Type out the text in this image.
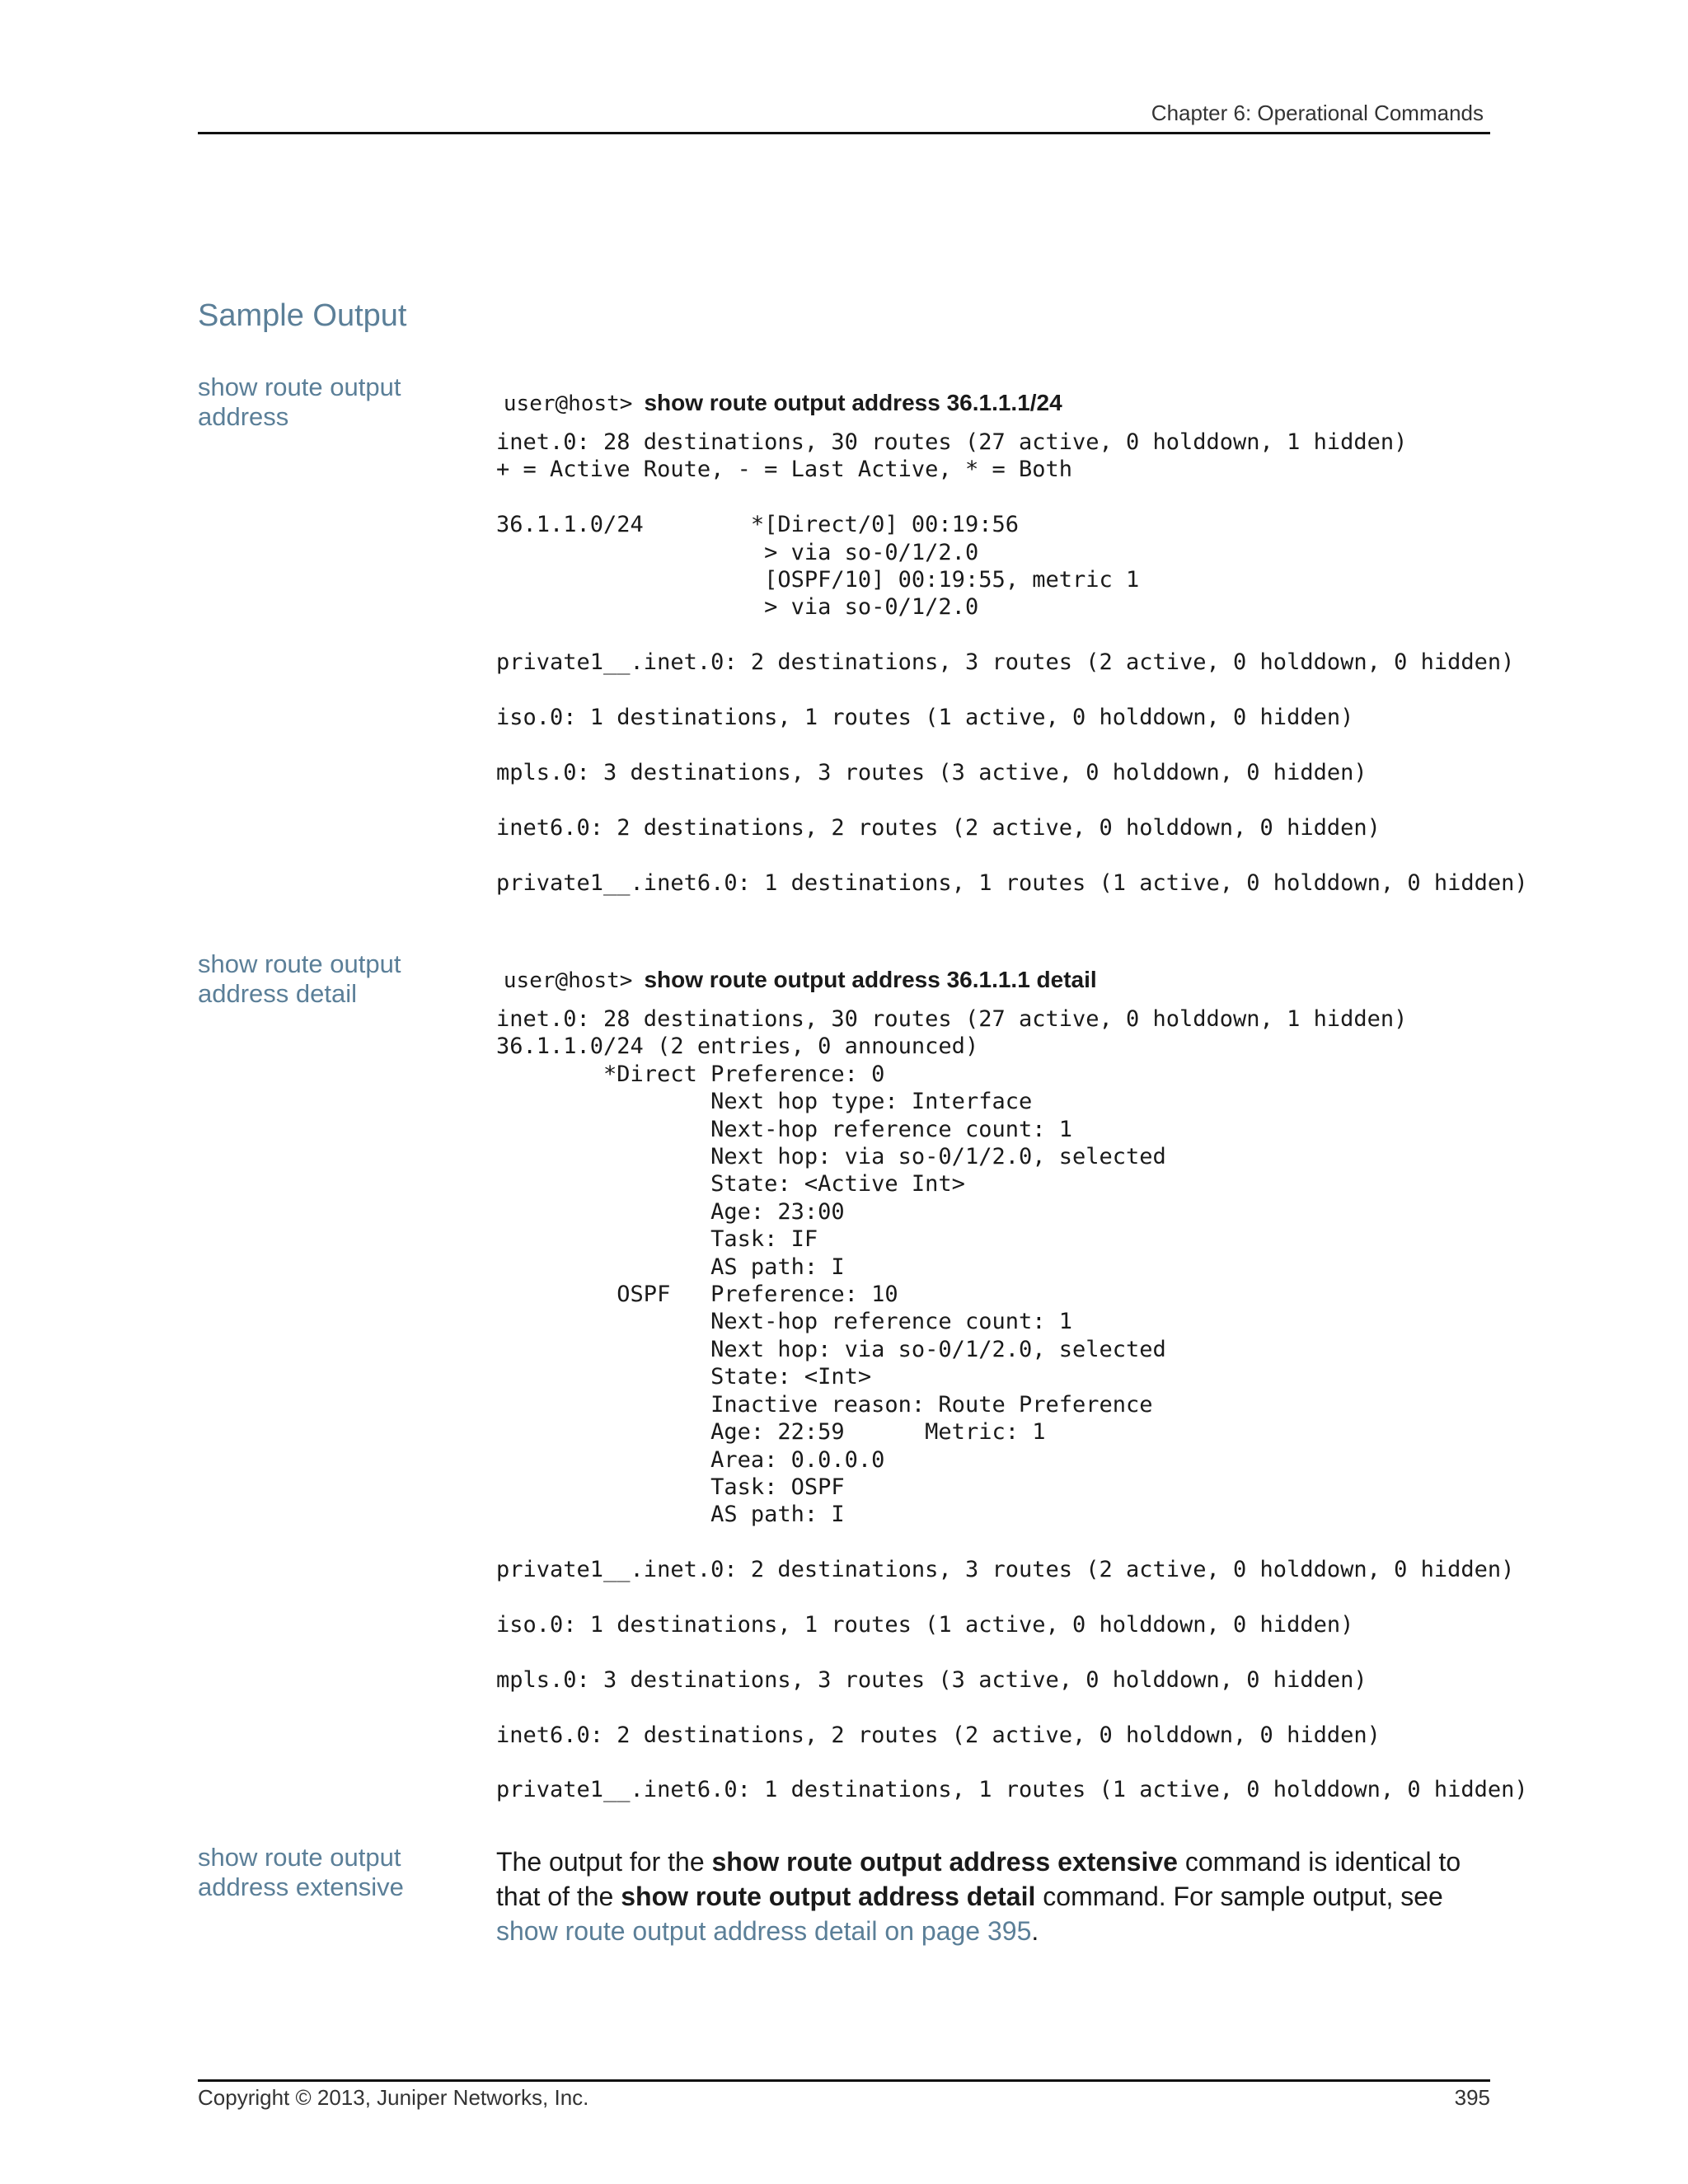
Chapter 6: Operational Commands
Sample Output
show route output address	user@host> show route output address 36.1.1.1/24

inet.0: 28 destinations, 30 routes (27 active, 0 holddown, 1 hidden)
+ = Active Route, - = Last Active, * = Both

36.1.1.0/24        *[Direct/0] 00:19:56
> via so-0/1/2.0
[OSPF/10] 00:19:55, metric 1
> via so-0/1/2.0

private1__.inet.0: 2 destinations, 3 routes (2 active, 0 holddown, 0 hidden)

iso.0: 1 destinations, 1 routes (1 active, 0 holddown, 0 hidden)

mpls.0: 3 destinations, 3 routes (3 active, 0 holddown, 0 hidden)

inet6.0: 2 destinations, 2 routes (2 active, 0 holddown, 0 hidden)

private1__.inet6.0: 1 destinations, 1 routes (1 active, 0 holddown, 0 hidden)
show route output address detail	user@host> show route output address 36.1.1.1 detail

inet.0: 28 destinations, 30 routes (27 active, 0 holddown, 1 hidden)
36.1.1.0/24 (2 entries, 0 announced)
*Direct Preference: 0
Next hop type: Interface
Next-hop reference count: 1
Next hop: via so-0/1/2.0, selected
State: <Active Int>
Age: 23:00
Task: IF
AS path: I
OSPF   Preference: 10
Next-hop reference count: 1
Next hop: via so-0/1/2.0, selected
State: <Int>
Inactive reason: Route Preference
Age: 22:59      Metric: 1
Area: 0.0.0.0
Task: OSPF
AS path: I

private1__.inet.0: 2 destinations, 3 routes (2 active, 0 holddown, 0 hidden)

iso.0: 1 destinations, 1 routes (1 active, 0 holddown, 0 hidden)

mpls.0: 3 destinations, 3 routes (3 active, 0 holddown, 0 hidden)

inet6.0: 2 destinations, 2 routes (2 active, 0 holddown, 0 hidden)

private1__.inet6.0: 1 destinations, 1 routes (1 active, 0 holddown, 0 hidden)
show route output address extensive
The output for the show route output address extensive command is identical to that of the show route output address detail command. For sample output, see show route output address detail on page 395.
Copyright © 2013, Juniper Networks, Inc.	395
